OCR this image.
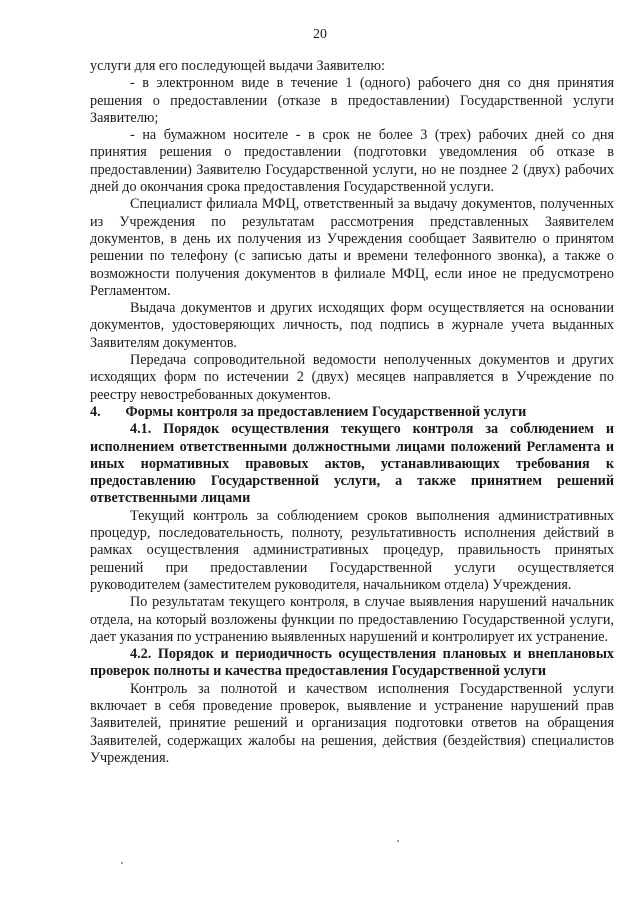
20

услуги для его последующей выдачи Заявителю:

- в электронном виде в течение 1 (одного) рабочего дня со дня принятия решения о предоставлении (отказе в предоставлении) Государственной услуги Заявителю;

- на бумажном носителе - в срок не более 3 (трех) рабочих дней со дня принятия решения о предоставлении (подготовки уведомления об отказе в предоставлении) Заявителю Государственной услуги, но не позднее 2 (двух) рабочих дней до окончания срока предоставления Государственной услуги.

Специалист филиала МФЦ, ответственный за выдачу документов, полученных из Учреждения по результатам рассмотрения представленных Заявителем документов, в день их получения из Учреждения сообщает Заявителю о принятом решении по телефону (с записью даты и времени телефонного звонка), а также о возможности получения документов в филиале МФЦ, если иное не предусмотрено Регламентом.

Выдача документов и других исходящих форм осуществляется на основании документов, удостоверяющих личность, под подпись в журнале учета выданных Заявителям документов.

Передача сопроводительной ведомости неполученных документов и других исходящих форм по истечении 2 (двух) месяцев направляется в Учреждение по реестру невостребованных документов.

4.       Формы контроля за предоставлением Государственной услуги

4.1. Порядок осуществления текущего контроля за соблюдением и исполнением ответственными должностными лицами положений Регламента и иных нормативных правовых актов, устанавливающих требования к предоставлению Государственной услуги, а также принятием решений ответственными лицами

Текущий контроль за соблюдением сроков выполнения административных процедур, последовательность, полноту, результативность исполнения действий в рамках осуществления административных процедур, правильность принятых решений при предоставлении Государственной услуги осуществляется руководителем (заместителем руководителя, начальником отдела) Учреждения.

По результатам текущего контроля, в случае выявления нарушений начальник отдела, на который возложены функции по предоставлению Государственной услуги, дает указания по устранению выявленных нарушений и контролирует их устранение.

4.2. Порядок и периодичность осуществления плановых и внеплановых проверок полноты и качества предоставления Государственной услуги

Контроль за полнотой и качеством исполнения Государственной услуги включает в себя проведение проверок, выявление и устранение нарушений прав Заявителей, принятие решений и организация подготовки ответов на обращения Заявителей, содержащих жалобы на решения, действия (бездействия) специалистов Учреждения.
